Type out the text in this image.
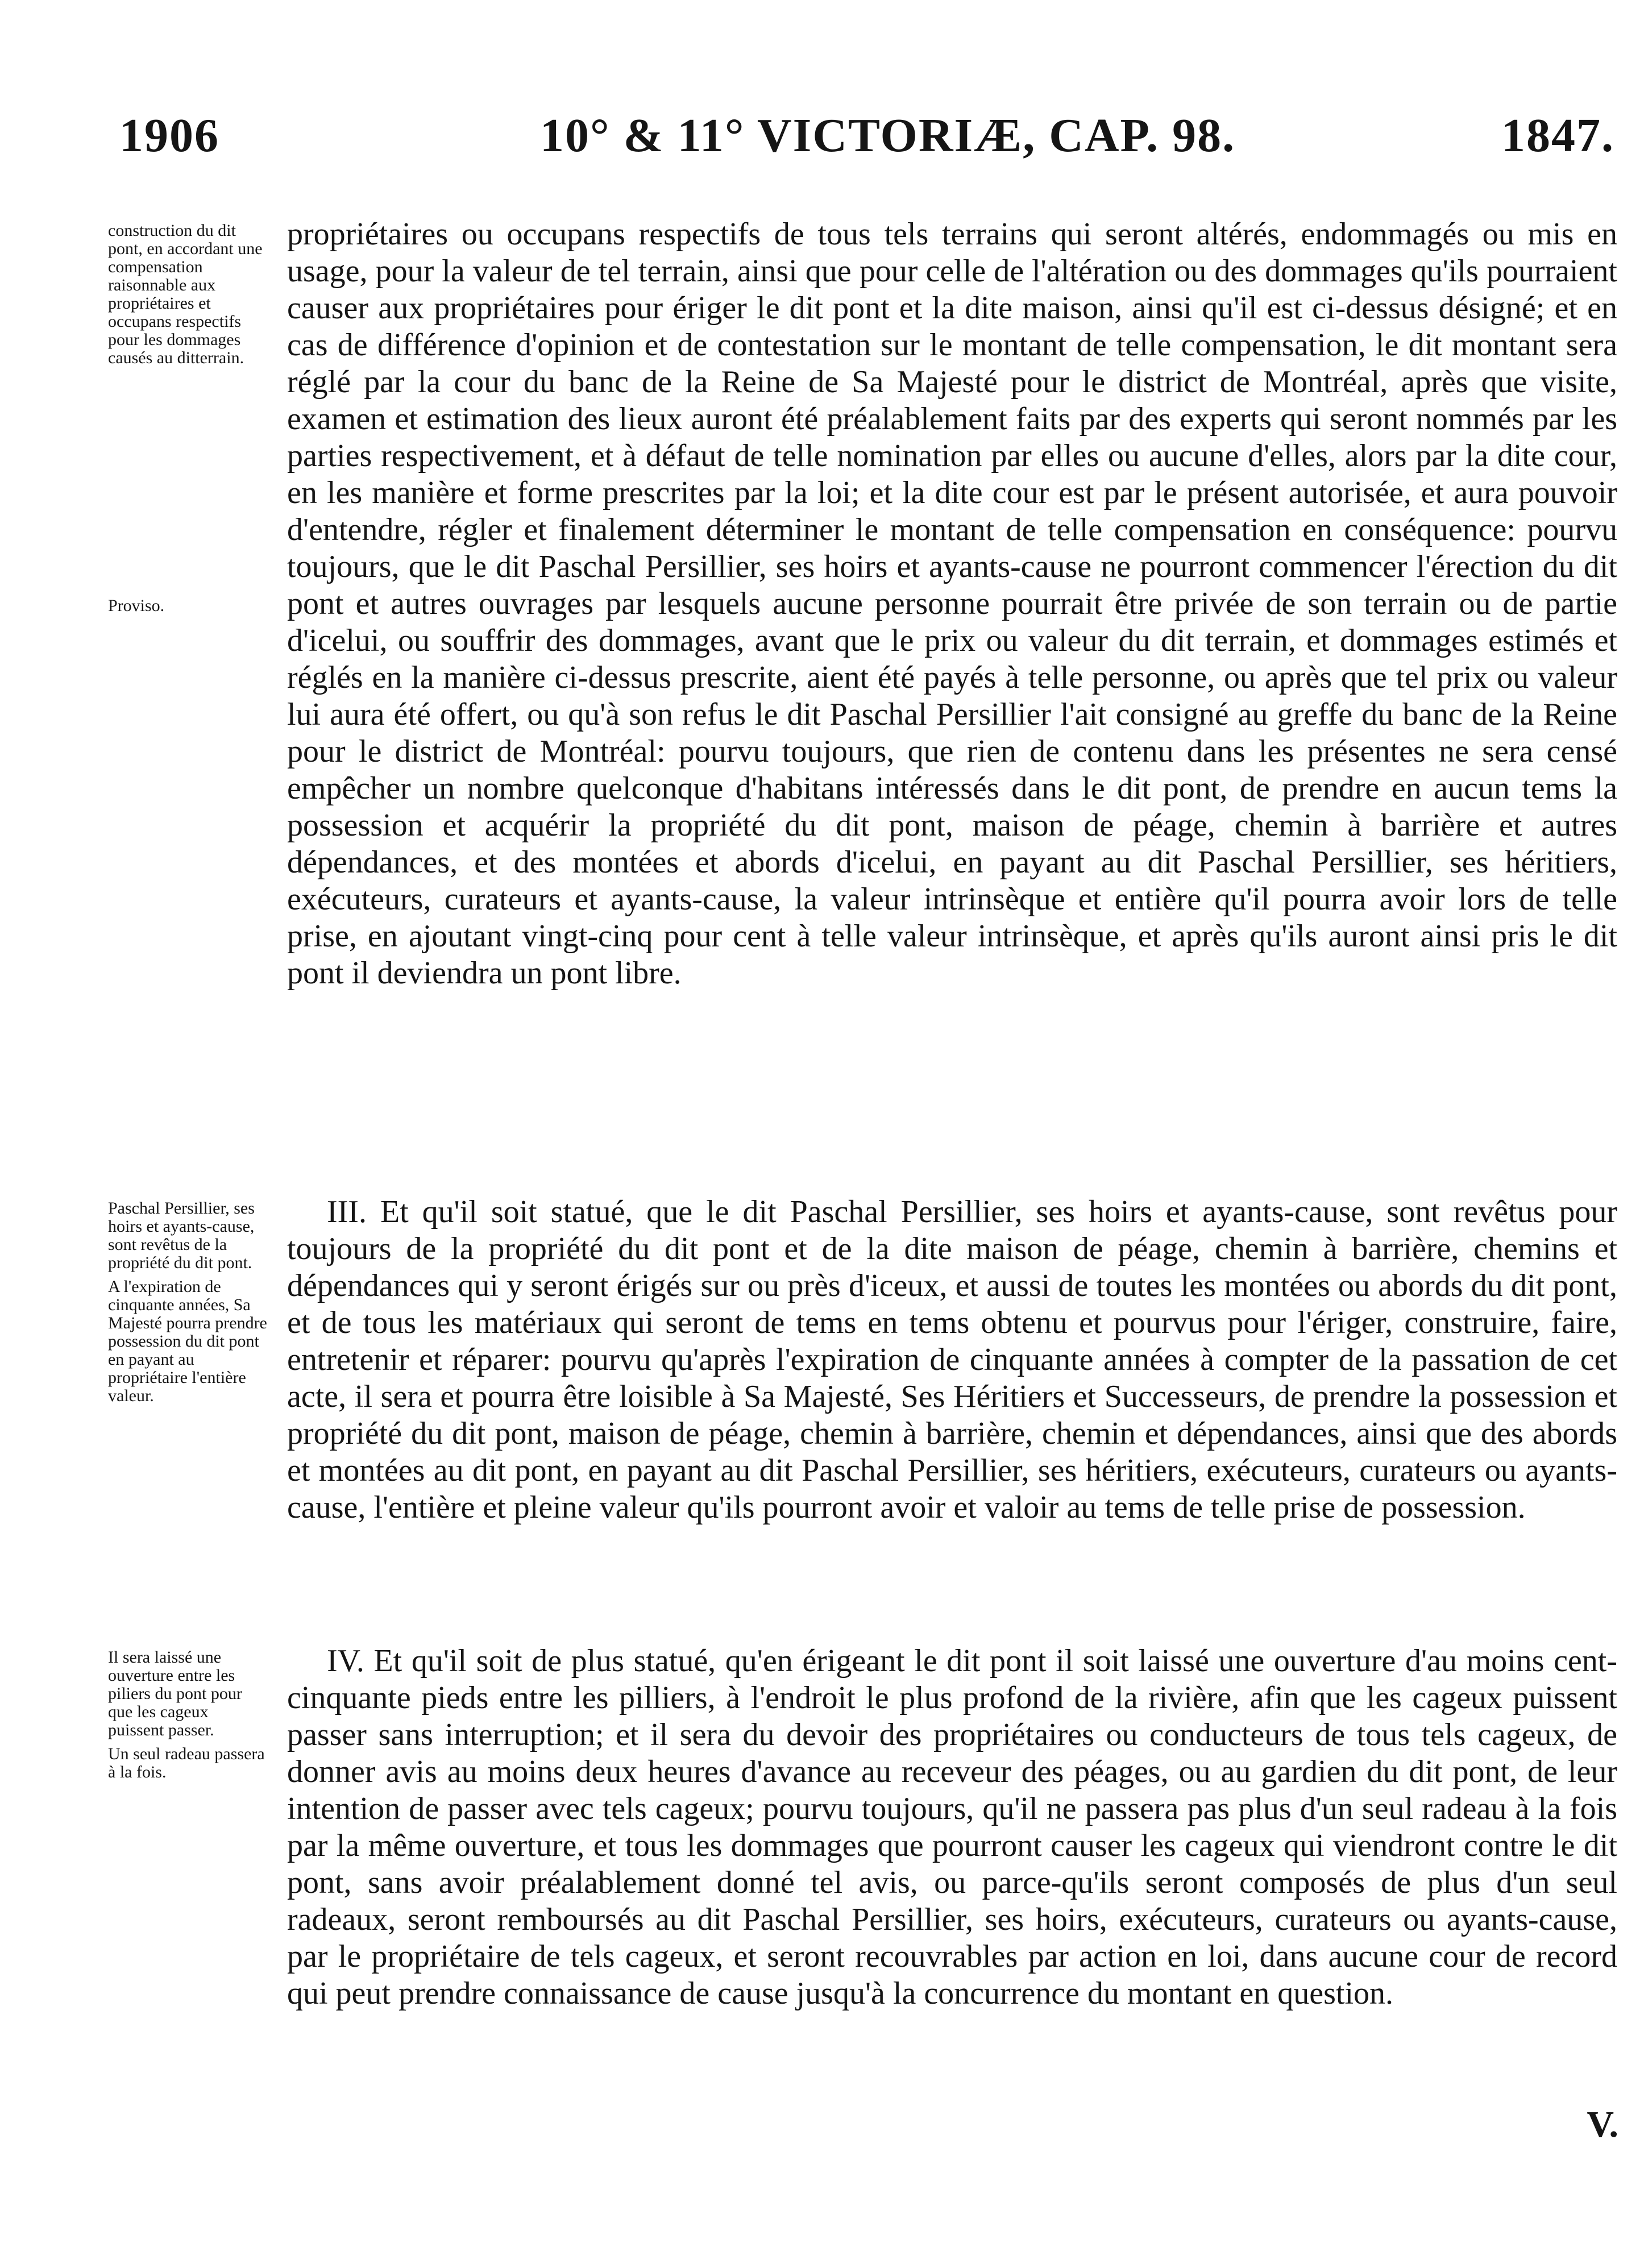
1906	10° & 11° VICTORIÆ, CAP. 98.	1847.
construction du dit pont, en accordant une compensation raisonnable aux propriétaires et occupans respectifs pour les dommages causés au ditterrain.
Proviso.
propriétaires ou occupans respectifs de tous tels terrains qui seront altérés, endommagés ou mis en usage, pour la valeur de tel terrain, ainsi que pour celle de l'altération ou des dommages qu'ils pourraient causer aux propriétaires pour ériger le dit pont et la dite maison, ainsi qu'il est ci-dessus désigné; et en cas de différence d'opinion et de contestation sur le montant de telle compensation, le dit montant sera réglé par la cour du banc de la Reine de Sa Majesté pour le district de Montréal, après que visite, examen et estimation des lieux auront été préalablement faits par des experts qui seront nommés par les parties respectivement, et à défaut de telle nomination par elles ou aucune d'elles, alors par la dite cour, en les manière et forme prescrites par la loi; et la dite cour est par le présent autorisée, et aura pouvoir d'entendre, régler et finalement déterminer le montant de telle compensation en conséquence: pourvu toujours, que le dit Paschal Persillier, ses hoirs et ayants-cause ne pourront commencer l'érection du dit pont et autres ouvrages par lesquels aucune personne pourrait être privée de son terrain ou de partie d'icelui, ou souffrir des dommages, avant que le prix ou valeur du dit terrain, et dommages estimés et réglés en la manière ci-dessus prescrite, aient été payés à telle personne, ou après que tel prix ou valeur lui aura été offert, ou qu'à son refus le dit Paschal Persillier l'ait consigné au greffe du banc de la Reine pour le district de Montréal: pourvu toujours, que rien de contenu dans les présentes ne sera censé empêcher un nombre quelconque d'habitans intéressés dans le dit pont, de prendre en aucun tems la possession et acquérir la propriété du dit pont, maison de péage, chemin à barrière et autres dépendances, et des montées et abords d'icelui, en payant au dit Paschal Persillier, ses héritiers, exécuteurs, curateurs et ayants-cause, la valeur intrinsèque et entière qu'il pourra avoir lors de telle prise, en ajoutant vingt-cinq pour cent à telle valeur intrinsèque, et après qu'ils auront ainsi pris le dit pont il deviendra un pont libre.
Paschal Persillier, ses hoirs et ayants-cause, sont revêtus de la propriété du dit pont.
A l'expiration de cinquante années, Sa Majesté pourra prendre possession du dit pont en payant au propriétaire l'entière valeur.
III. Et qu'il soit statué, que le dit Paschal Persillier, ses hoirs et ayants-cause, sont revêtus pour toujours de la propriété du dit pont et de la dite maison de péage, chemin à barrière, chemins et dépendances qui y seront érigés sur ou près d'iceux, et aussi de toutes les montées ou abords du dit pont, et de tous les matériaux qui seront de tems en tems obtenu et pourvus pour l'ériger, construire, faire, entretenir et réparer: pourvu qu'après l'expiration de cinquante années à compter de la passation de cet acte, il sera et pourra être loisible à Sa Majesté, Ses Héritiers et Successeurs, de prendre la possession et propriété du dit pont, maison de péage, chemin à barrière, chemin et dépendances, ainsi que des abords et montées au dit pont, en payant au dit Paschal Persillier, ses héritiers, exécuteurs, curateurs ou ayants-cause, l'entière et pleine valeur qu'ils pourront avoir et valoir au tems de telle prise de possession.
Il sera laissé une ouverture entre les piliers du pont pour que les cageux puissent passer.
Un seul radeau passera à la fois.
IV. Et qu'il soit de plus statué, qu'en érigeant le dit pont il soit laissé une ouverture d'au moins cent-cinquante pieds entre les pilliers, à l'endroit le plus profond de la rivière, afin que les cageux puissent passer sans interruption; et il sera du devoir des propriétaires ou conducteurs de tous tels cageux, de donner avis au moins deux heures d'avance au receveur des péages, ou au gardien du dit pont, de leur intention de passer avec tels cageux; pourvu toujours, qu'il ne passera pas plus d'un seul radeau à la fois par la même ouverture, et tous les dommages que pourront causer les cageux qui viendront contre le dit pont, sans avoir préalablement donné tel avis, ou parce-qu'ils seront composés de plus d'un seul radeaux, seront remboursés au dit Paschal Persillier, ses hoirs, exécuteurs, curateurs ou ayants-cause, par le propriétaire de tels cageux, et seront recouvrables par action en loi, dans aucune cour de record qui peut prendre connaissance de cause jusqu'à la concurrence du montant en question.
V.
